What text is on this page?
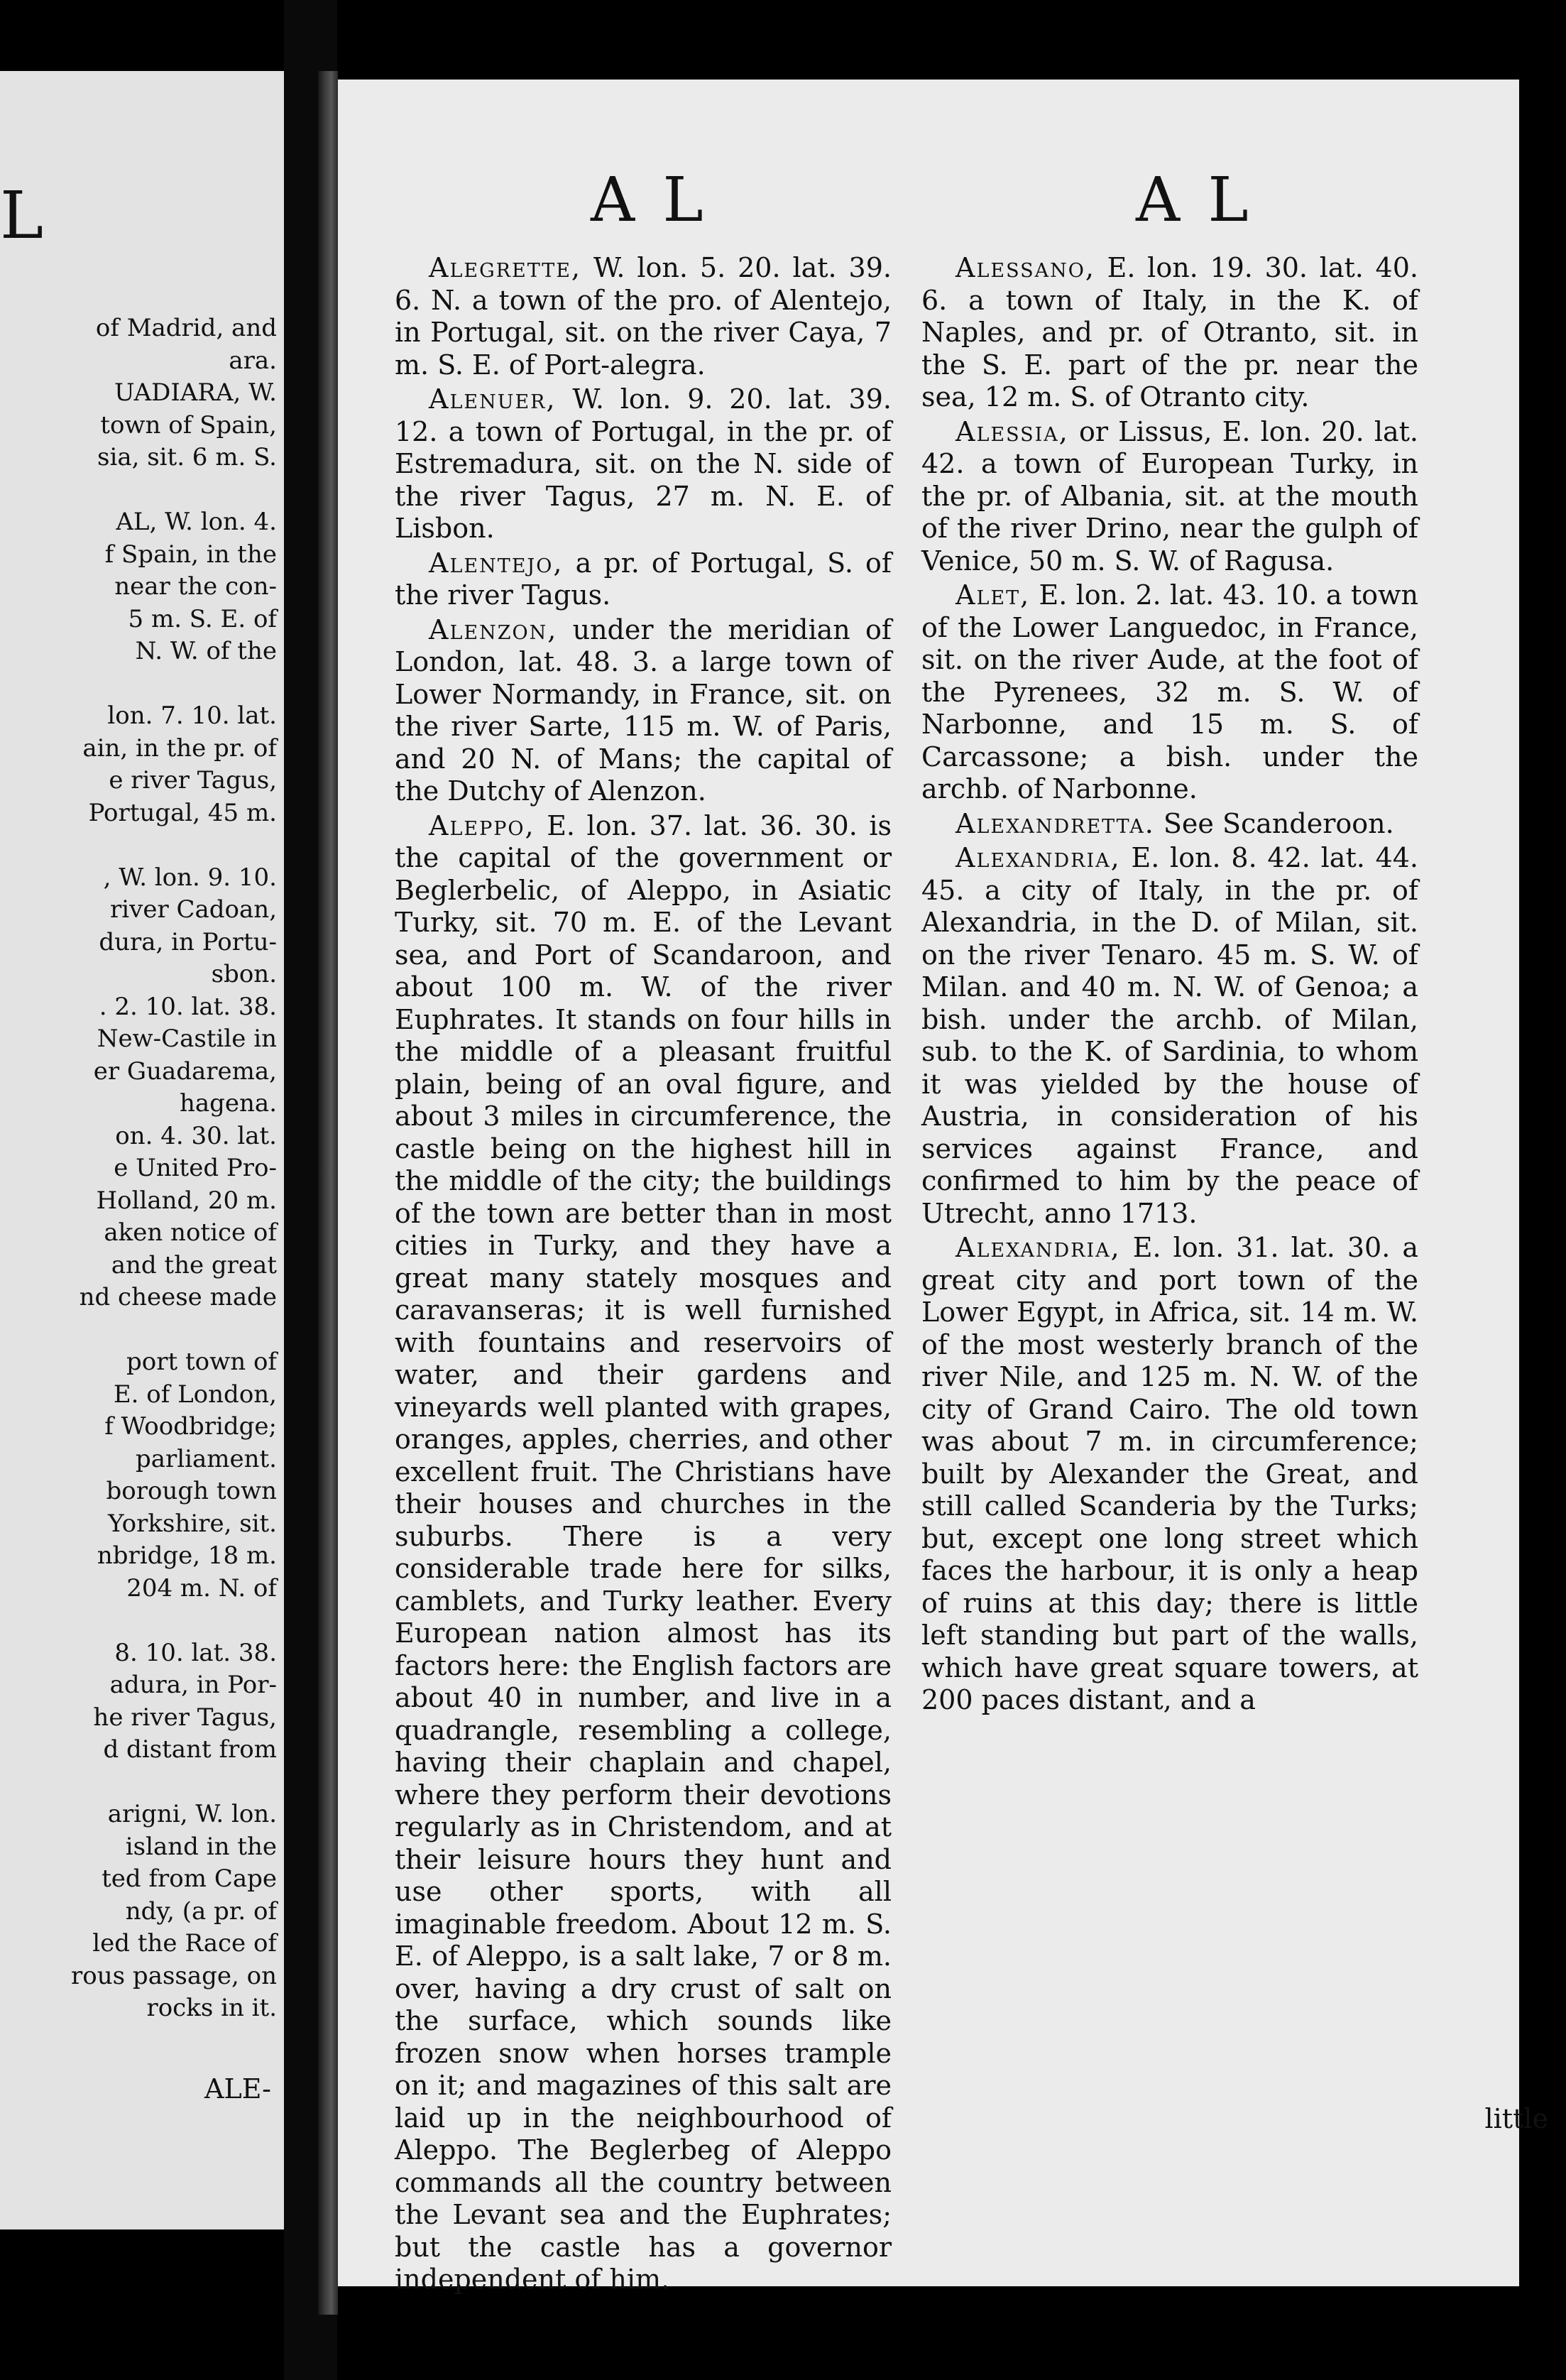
L
of Madrid, and
ara.
UADIARA, W.
town of Spain,
sia, sit. 6 m. S.

AL, W. lon. 4.
f Spain, in the
near the con-
5 m. S. E. of
N. W. of the

lon. 7. 10. lat.
ain, in the pr. of
e river Tagus,
Portugal, 45 m.

, W. lon. 9. 10.
river Cadoan,
dura, in Portu-
sbon.
. 2. 10. lat. 38.
New-Castile in
er Guadarema,
hagena.
on. 4. 30. lat.
e United Pro-
Holland, 20 m.
aken notice of
and the great
nd cheese made

port town of
E. of London,
f Woodbridge;
parliament.
borough town
Yorkshire, sit.
nbridge, 18 m.
204 m. N. of

8. 10. lat. 38.
adura, in Por-
he river Tagus,
d distant from

arigni, W. lon.
island in the
ted from Cape
ndy, (a pr. of
led the Race of
rous passage, on
rocks in it.
ALE-
A L	A L

Alegrette, W. lon. 5. 20. lat. 39. 6. N. a town of the pro. of Alentejo, in Portugal, sit. on the river Caya, 7 m. S. E. of Port-alegra.

Alenuer, W. lon. 9. 20. lat. 39. 12. a town of Portugal, in the pr. of Estremadura, sit. on the N. side of the river Tagus, 27 m. N. E. of Lisbon.

Alentejo, a pr. of Portugal, S. of the river Tagus.

Alenzon, under the meridian of London, lat. 48. 3. a large town of Lower Normandy, in France, sit. on the river Sarte, 115 m. W. of Paris, and 20 N. of Mans; the capital of the Dutchy of Alenzon.

Aleppo, E. lon. 37. lat. 36. 30. is the capital of the government or Beglerbelic, of Aleppo, in Asiatic Turky, sit. 70 m. E. of the Levant sea, and Port of Scandaroon, and about 100 m. W. of the river Euphrates. It stands on four hills in the middle of a pleasant fruitful plain, being of an oval figure, and about 3 miles in circumference, the castle being on the highest hill in the middle of the city; the buildings of the town are better than in most cities in Turky, and they have a great many stately mosques and caravanseras; it is well furnished with fountains and reservoirs of water, and their gardens and vineyards well planted with grapes, oranges, apples, cherries, and other excellent fruit. The Christians have their houses and churches in the suburbs. There is a very considerable trade here for silks, camblets, and Turky leather. Every European nation almost has its factors here: the English factors are about 40 in number, and live in a quadrangle, resembling a college, having their chaplain and chapel, where they perform their devotions regularly as in Christendom, and at their leisure hours they hunt and use other sports, with all imaginable freedom. About 12 m. S. E. of Aleppo, is a salt lake, 7 or 8 m. over, having a dry crust of salt on the surface, which sounds like frozen snow when horses trample on it; and magazines of this salt are laid up in the neighbourhood of Aleppo. The Beglerbeg of Aleppo commands all the country between the Levant sea and the Euphrates; but the castle has a governor independent of him.

Alessano, E. lon. 19. 30. lat. 40. 6. a town of Italy, in the K. of Naples, and pr. of Otranto, sit. in the S. E. part of the pr. near the sea, 12 m. S. of Otranto city.

Alessia, or Lissus, E. lon. 20. lat. 42. a town of European Turky, in the pr. of Albania, sit. at the mouth of the river Drino, near the gulph of Venice, 50 m. S. W. of Ragusa.

Alet, E. lon. 2. lat. 43. 10. a town of the Lower Languedoc, in France, sit. on the river Aude, at the foot of the Pyrenees, 32 m. S. W. of Narbonne, and 15 m. S. of Carcassone; a bish. under the archb. of Narbonne.

Alexandretta. See Scanderoon.

Alexandria, E. lon. 8. 42. lat. 44. 45. a city of Italy, in the pr. of Alexandria, in the D. of Milan, sit. on the river Tenaro. 45 m. S. W. of Milan. and 40 m. N. W. of Genoa; a bish. under the archb. of Milan, sub. to the K. of Sardinia, to whom it was yielded by the house of Austria, in consideration of his services against France, and confirmed to him by the peace of Utrecht, anno 1713.

Alexandria, E. lon. 31. lat. 30. a great city and port town of the Lower Egypt, in Africa, sit. 14 m. W. of the most westerly branch of the river Nile, and 125 m. N. W. of the city of Grand Cairo. The old town was about 7 m. in circumference; built by Alexander the Great, and still called Scanderia by the Turks; but, except one long street which faces the harbour, it is only a heap of ruins at this day; there is little left standing but part of the walls, which have great square towers, at 200 paces distant, and a

little
